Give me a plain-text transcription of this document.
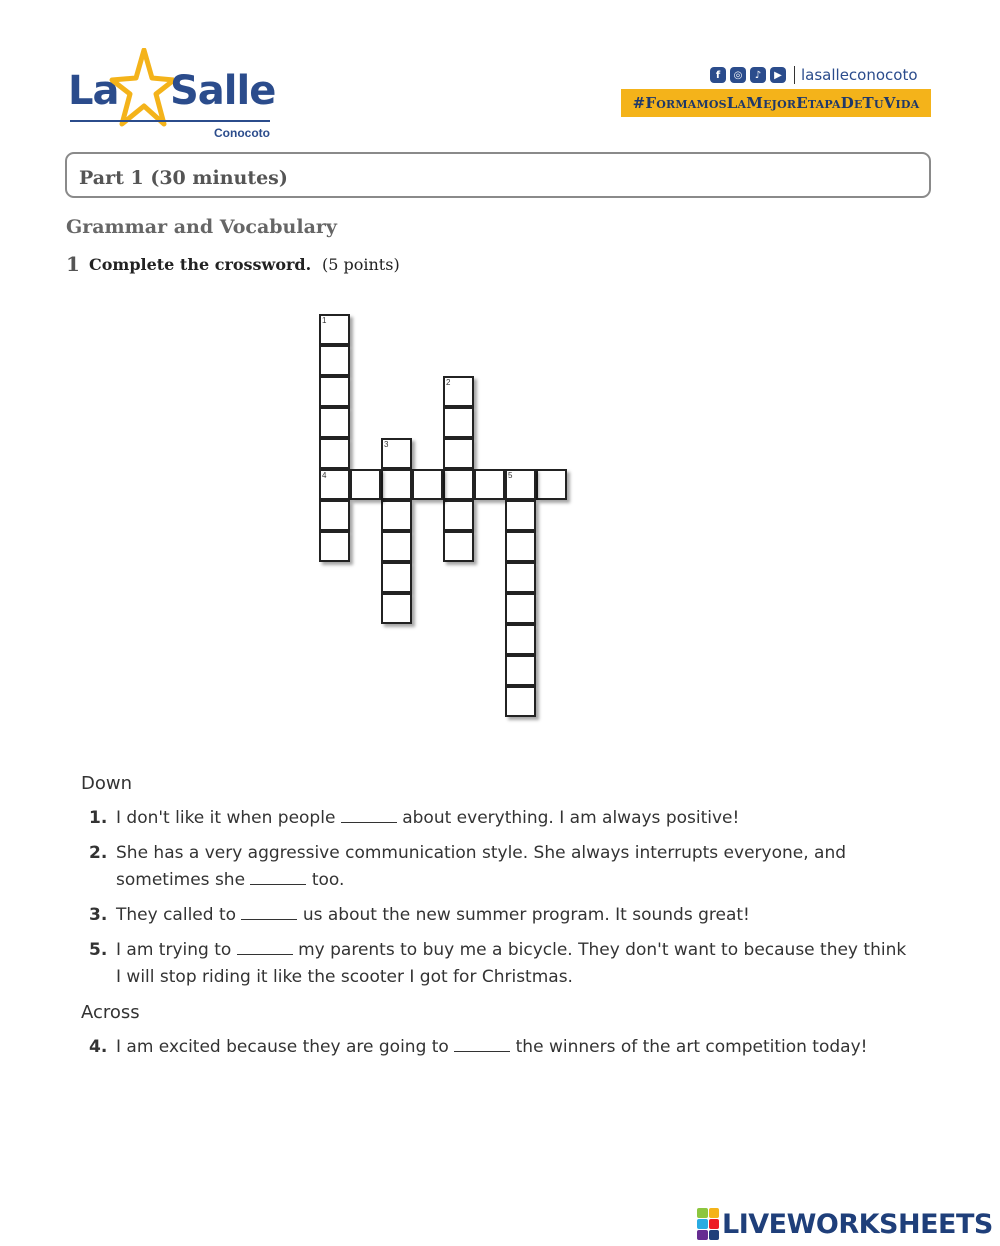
La Salle
Conocoto
f	◎	♪	▶ lasalleconocoto
#FormamosLaMejorEtapaDeTuVida
Part 1 (30 minutes)
Grammar and Vocabulary
1 Complete the crossword. (5 points)
1
4
3
2
5
Down
1. I don't like it when people	about everything. I am always positive!
2. She has a very aggressive communication style. She always interrupts everyone, and sometimes she	too.
3. They called to	us about the new summer program. It sounds great!
5. I am trying to	my parents to buy me a bicycle. They don't want to because they think I will stop riding it like the scooter I got for Christmas.
Across
4. I am excited because they are going to	the winners of the art competition today!
LIVEWORKSHEETS
